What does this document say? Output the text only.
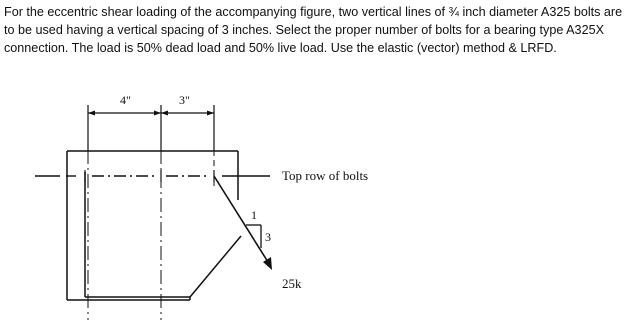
For the eccentric shear loading of the accompanying figure, two vertical lines of ¾ inch diameter A325 bolts are to be used having a vertical spacing of 3 inches. Select the proper number of bolts for a bearing type A325X connection. The load is 50% dead load and 50% live load. Use the elastic (vector) method & LRFD.

4"	3"
Top row of bolts
1
3
25k
